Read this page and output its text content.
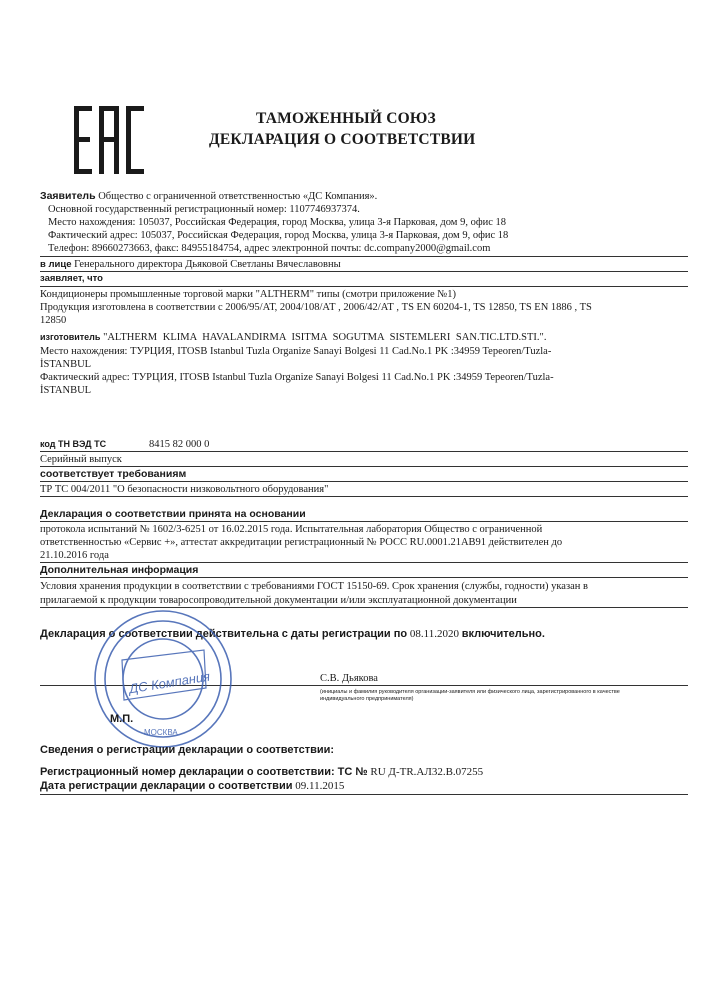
ТАМОЖЕННЫЙ СОЮЗ
ДЕКЛАРАЦИЯ О СООТВЕТСТВИИ
Заявитель Общество с ограниченной ответственностью «ДС Компания».
Основной государственный регистрационный номер: 1107746937374.
Место нахождения: 105037, Российская Федерация, город Москва, улица 3-я Парковая, дом 9, офис 18
Фактический адрес: 105037, Российская Федерация, город Москва, улица 3-я Парковая, дом 9, офис 18
Телефон: 89660273663, факс: 84955184754, адрес электронной почты: dc.company2000@gmail.com
в лице Генерального директора Дьяковой Светланы Вячеславовны
заявляет, что
Кондиционеры промышленные торговой марки "ALTHERM" типы (смотри приложение №1)
Продукция изготовлена в соответствии с 2006/95/АТ, 2004/108/АТ , 2006/42/АТ , TS EN 60204-1, TS 12850, TS EN 1886 , TS
12850
изготовитель "ALTHERM KLIMA HAVALANDIRMA ISITMA SOGUTMA SISTEMLERI SAN.TIC.LTD.STI.".
Место нахождения: ТУРЦИЯ, ITOSB Istanbul Tuzla Organize Sanayi Bolgesi 11 Cad.No.1 PK :34959 Tepeoren/Tuzla-
İSTANBUL
Фактический адрес: ТУРЦИЯ, ITOSB Istanbul Tuzla Organize Sanayi Bolgesi 11 Cad.No.1 PK :34959 Tepeoren/Tuzla-
İSTANBUL
код ТН ВЭД ТС	8415 82 000 0
Серийный выпуск
соответствует требованиям
ТР ТС 004/2011 "О безопасности низковольтного оборудования"
Декларация о соответствии принята на основании
протокола испытаний № 1602/3-6251 от 16.02.2015 года. Испытательная лаборатория Общество с ограниченной
ответственностью «Сервис +», аттестат аккредитации регистрационный № РОСС RU.0001.21АВ91 действителен до
21.10.2016 года
Дополнительная информация
Условия хранения продукции в соответствии с требованиями ГОСТ 15150-69. Срок хранения (службы, годности) указан в
прилагаемой к продукции товаросопроводительной документации и/или эксплуатационной документации
Декларация о соответствии действительна с даты регистрации по 08.11.2020 включительно.
С.В. Дьякова
(инициалы и фамилия руководителя организации-заявителя или физического лица, зарегистрированного в качестве
индивидуального предпринимателя)
ДС Компания
МОСКВА
М.П.
Сведения о регистрации декларации о соответствии:
Регистрационный номер декларации о соответствии: ТС № RU Д-TR.АЛ32.В.07255
Дата регистрации декларации о соответствии 09.11.2015
